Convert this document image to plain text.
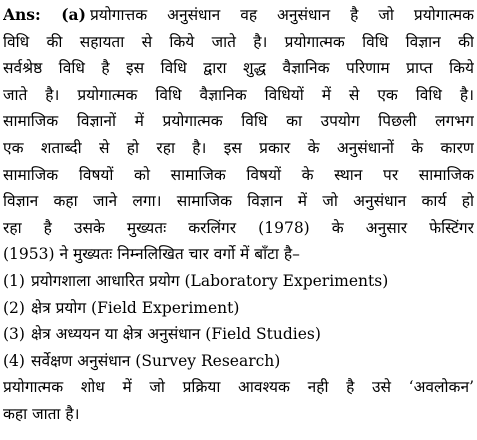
Ans: (a) प्रयोगात्तक अनुसंधान वह अनुसंधान है जो प्रयोगात्मक
विधि की सहायता से किये जाते है। प्रयोगात्मक विधि विज्ञान की
सर्वश्रेष्ठ विधि है इस विधि द्वारा शुद्ध वैज्ञानिक परिणाम प्राप्त किये
जाते है। प्रयोगात्मक विधि वैज्ञानिक विधियों में से एक विधि है।
सामाजिक विज्ञानों में प्रयोगात्मक विधि का उपयोग पिछली लगभग
एक शताब्दी से हो रहा है। इस प्रकार के अनुसंधानों के कारण
सामाजिक विषयों को सामाजिक विषयों के स्थान पर सामाजिक
विज्ञान कहा जाने लगा। सामाजिक विज्ञान में जो अनुसंधान कार्य हो
रहा है उसके मुख्यतः करलिंगर (1978) के अनुसार फेस्टिंगर
(1953) ने मुख्यतः निम्नलिखित चार वर्गो में बाँटा है–
(1) प्रयोगशाला आधारित प्रयोग (Laboratory Experiments)
(2) क्षेत्र प्रयोग (Field Experiment)
(3) क्षेत्र अध्ययन या क्षेत्र अनुसंधान (Field Studies)
(4) सर्वेक्षण अनुसंधान (Survey Research)
प्रयोगात्मक शोध में जो प्रक्रिया आवश्यक नही है उसे ‘अवलोकन’
कहा जाता है।
